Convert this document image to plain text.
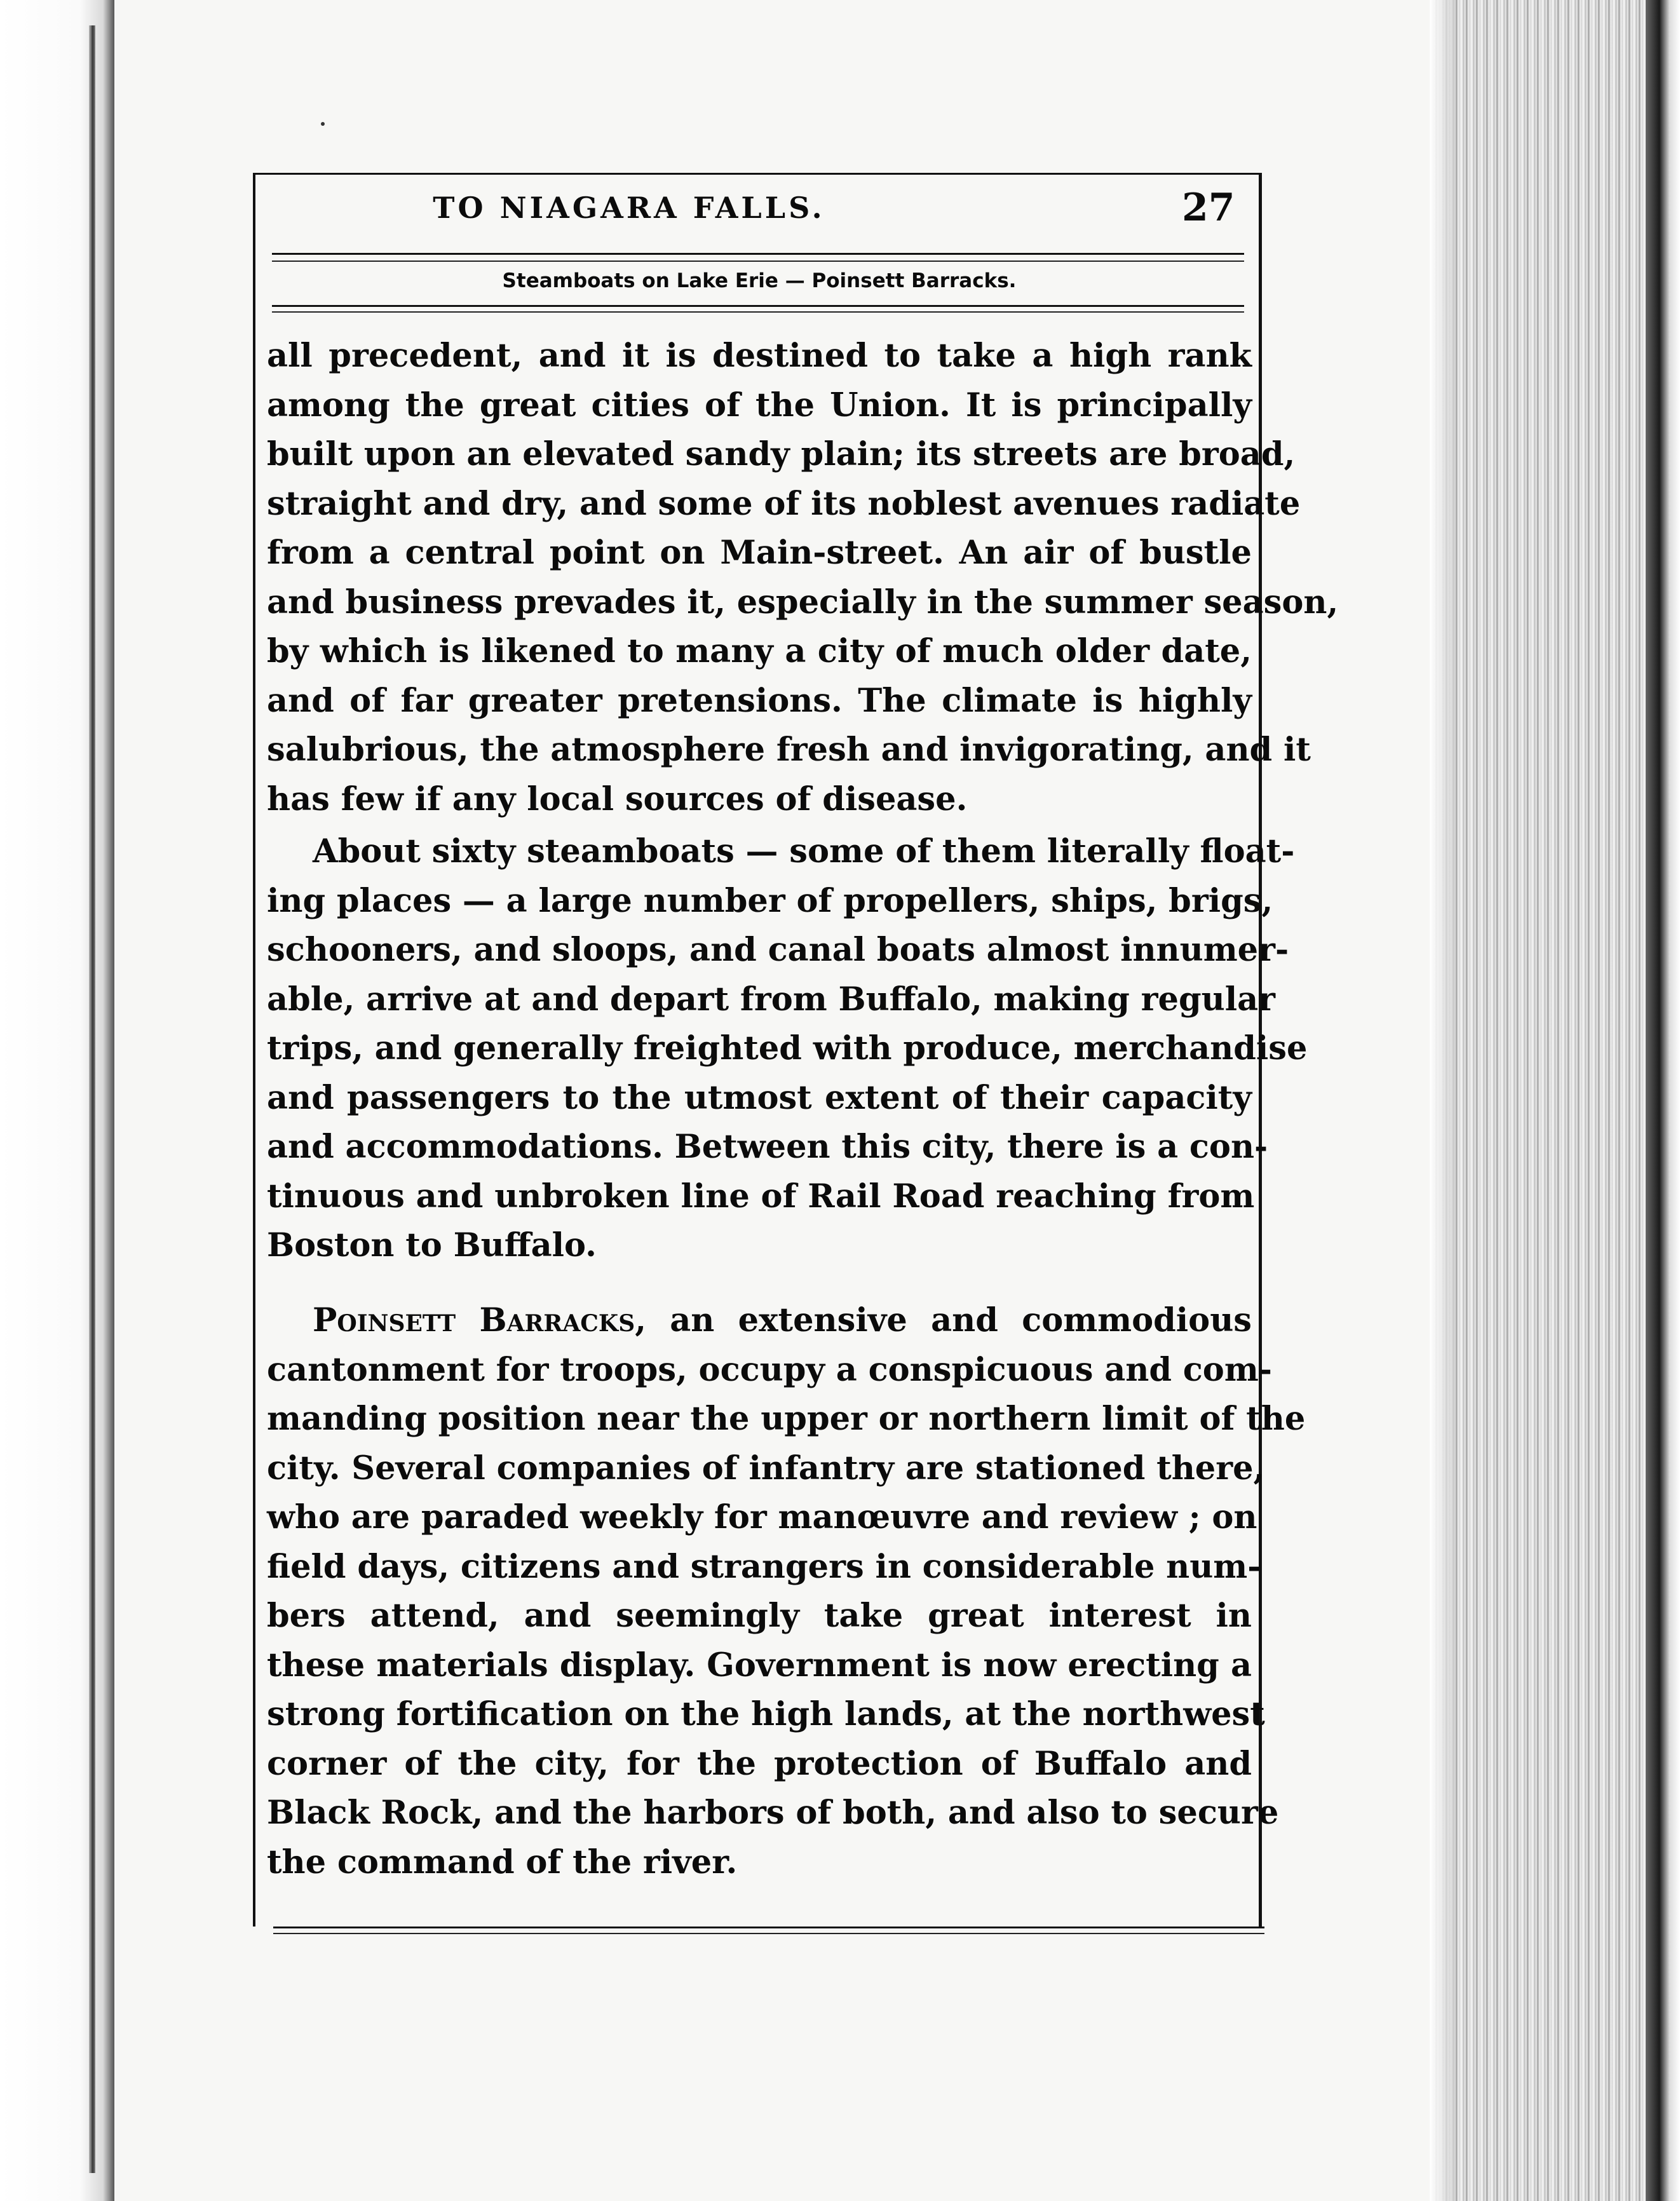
TO NIAGARA FALLS.	27
Steamboats on Lake Erie — Poinsett Barracks.
all precedent, and it is destined to take a high rank
among the great cities of the Union. It is principally
built upon an elevated sandy plain; its streets are broad,
straight and dry, and some of its noblest avenues radiate
from a central point on Main-street. An air of bustle
and business prevades it, especially in the summer season,
by which is likened to many a city of much older date,
and of far greater pretensions. The climate is highly
salubrious, the atmosphere fresh and invigorating, and it
has few if any local sources of disease.
About sixty steamboats — some of them literally float-
ing places — a large number of propellers, ships, brigs,
schooners, and sloops, and canal boats almost innumer-
able, arrive at and depart from Buffalo, making regular
trips, and generally freighted with produce, merchandise
and passengers to the utmost extent of their capacity
and accommodations. Between this city, there is a con-
tinuous and unbroken line of Rail Road reaching from
Boston to Buffalo.
Poinsett Barracks, an extensive and commodious
cantonment for troops, occupy a conspicuous and com-
manding position near the upper or northern limit of the
city. Several companies of infantry are stationed there,
who are paraded weekly for manœuvre and review ; on
field days, citizens and strangers in considerable num-
bers attend, and seemingly take great interest in
these materials display. Government is now erecting a
strong fortification on the high lands, at the northwest
corner of the city, for the protection of Buffalo and
Black Rock, and the harbors of both, and also to secure
the command of the river.
